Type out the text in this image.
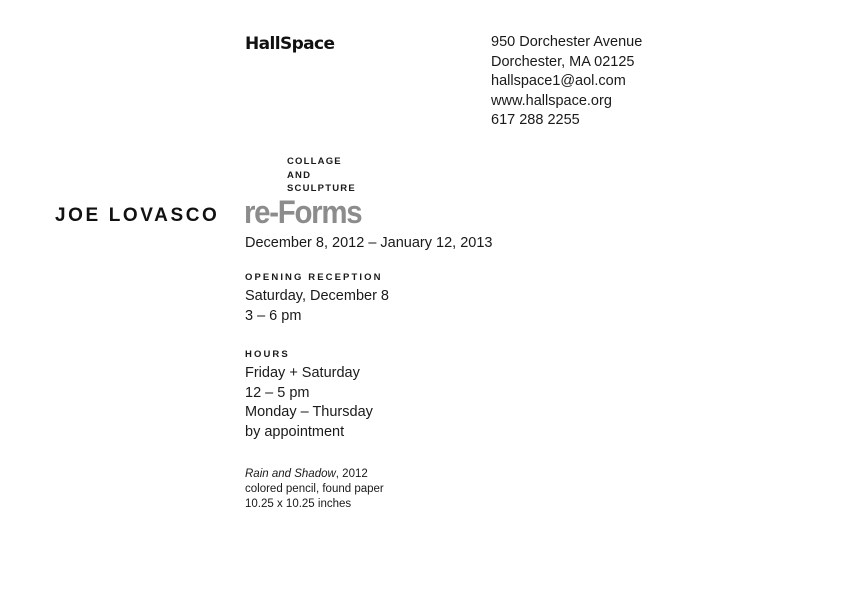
HallSpace	950 Dorchester Avenue
Dorchester, MA 02125
hallspace1@aol.com
www.hallspace.org
617 288 2255
COLLAGE
AND
SCULPTURE
JOE LOVASCO re-Forms
December 8, 2012 – January 12, 2013
OPENING RECEPTION
Saturday, December 8
3 – 6 pm
HOURS
Friday + Saturday
12 – 5 pm
Monday – Thursday
by appointment
Rain and Shadow, 2012
colored pencil, found paper
10.25 x 10.25 inches
